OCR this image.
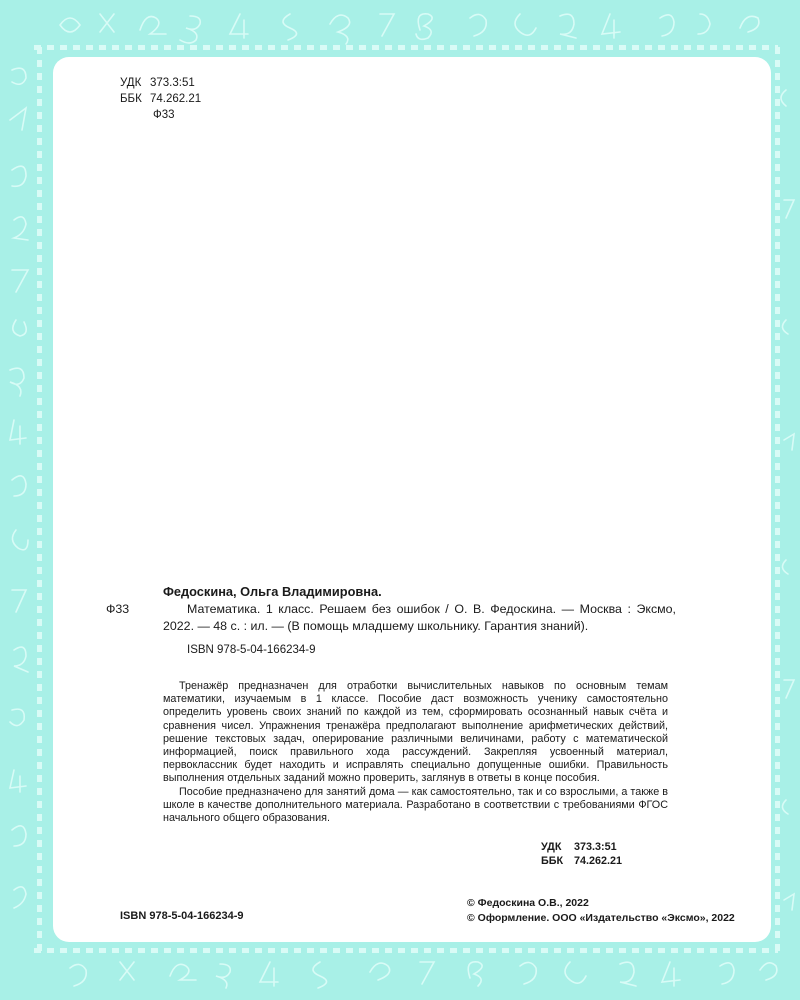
УДК 373.3:51
ББК 74.262.21
Ф33
Федоскина, Ольга Владимировна.
Ф33	Математика. 1 класс. Решаем без ошибок / О. В. Федоскина. — Москва : Эксмо, 2022. — 48 с. : ил. — (В помощь младшему школьнику. Гарантия знаний).
ISBN 978-5-04-166234-9

Тренажёр предназначен для отработки вычислительных навыков по основным темам математики, изучаемым в 1 классе. Пособие даст возможность ученику самостоятельно определить уровень своих знаний по каждой из тем, сформировать осознанный навык счёта и сравнения чисел. Упражнения тренажёра предполагают выполнение арифметических действий, решение текстовых задач, оперирование различными величинами, работу с математической информацией, поиск правильного хода рассуждений. Закрепляя усвоенный материал, первоклассник будет находить и исправлять специально допущенные ошибки. Правильность выполнения отдельных заданий можно проверить, заглянув в ответы в конце пособия.

Пособие предназначено для занятий дома — как самостоятельно, так и со взрослыми, а также в школе в качестве дополнительного материала. Разработано в соответствии с требованиями ФГОС начального общего образования.

УДК 373.3:51
ББК 74.262.21
ISBN 978-5-04-166234-9
© Федоскина О.В., 2022
© Оформление. ООО «Издательство «Эксмо», 2022
